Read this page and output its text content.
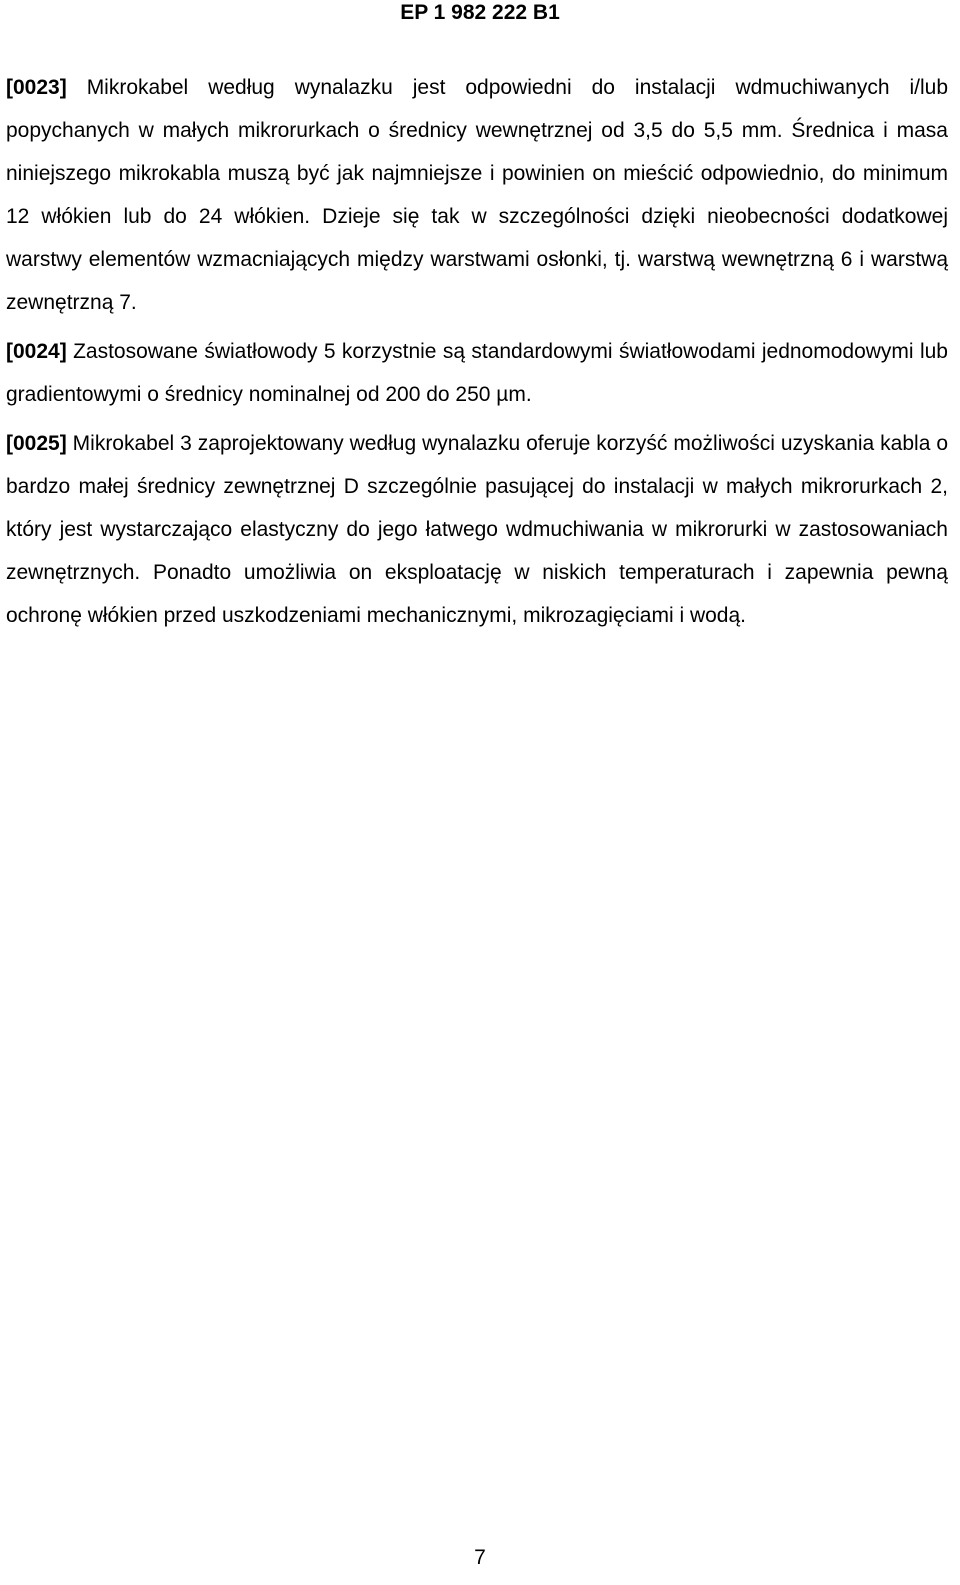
EP 1 982 222 B1

[0023] Mikrokabel według wynalazku jest odpowiedni do instalacji wdmuchiwanych i/lub popychanych w małych mikrorurkach o średnicy wewnętrznej od 3,5 do 5,5 mm. Średnica i masa niniejszego mikrokabla muszą być jak najmniejsze i powinien on mieścić odpowiednio, do minimum 12 włókien lub do 24 włókien. Dzieje się tak w szczególności dzięki nieobecności dodatkowej warstwy elementów wzmacniających między warstwami osłonki, tj. warstwą wewnętrzną 6 i warstwą zewnętrzną 7.

[0024] Zastosowane światłowody 5 korzystnie są standardowymi światłowodami jednomodowymi lub gradientowymi o średnicy nominalnej od 200 do 250 µm.

[0025] Mikrokabel 3 zaprojektowany według wynalazku oferuje korzyść możliwości uzyskania kabla o bardzo małej średnicy zewnętrznej D szczególnie pasującej do instalacji w małych mikrorurkach 2, który jest wystarczająco elastyczny do jego łatwego wdmuchiwania w mikrorurki w zastosowaniach zewnętrznych. Ponadto umożliwia on eksploatację w niskich temperaturach i zapewnia pewną ochronę włókien przed uszkodzeniami mechanicznymi, mikrozagięciami i wodą.

7
